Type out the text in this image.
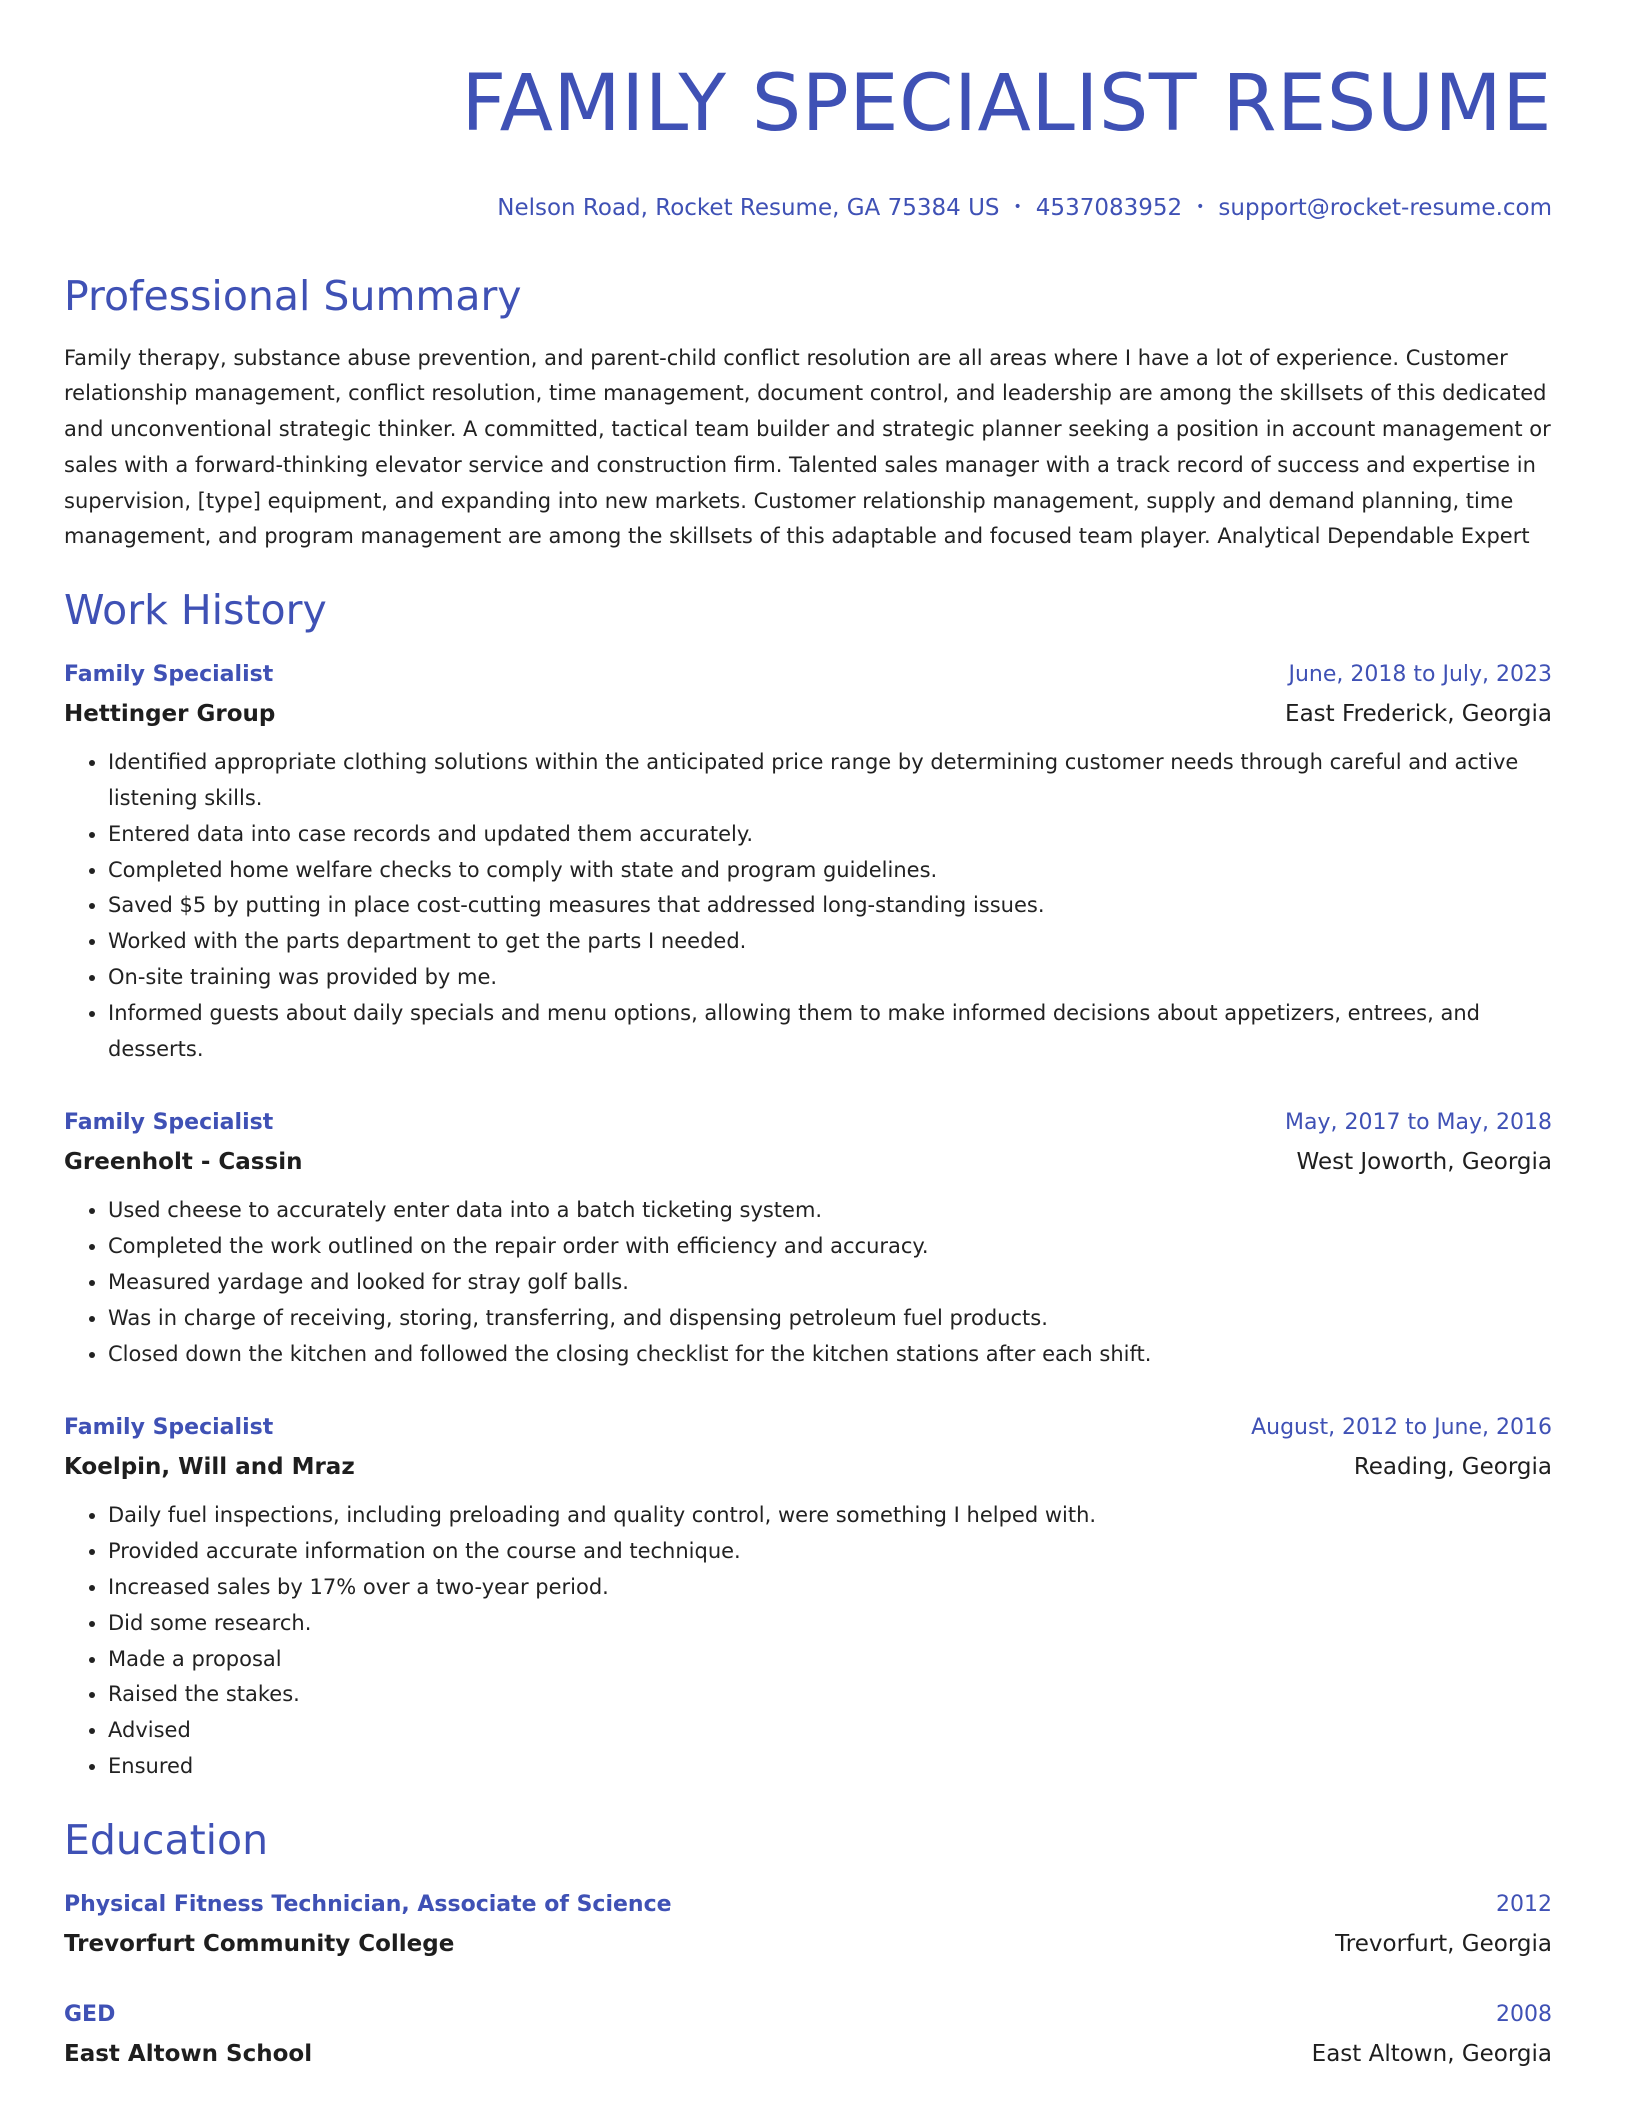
FAMILY SPECIALIST RESUME
Nelson Road, Rocket Resume, GA 75384 US • 4537083952 • support@rocket-resume.com
Professional Summary
Family therapy, substance abuse prevention, and parent-child conflict resolution are all areas where I have a lot of experience. Customer relationship management, conflict resolution, time management, document control, and leadership are among the skillsets of this dedicated and unconventional strategic thinker. A committed, tactical team builder and strategic planner seeking a position in account management or sales with a forward-thinking elevator service and construction firm. Talented sales manager with a track record of success and expertise in supervision, [type] equipment, and expanding into new markets. Customer relationship management, supply and demand planning, time management, and program management are among the skillsets of this adaptable and focused team player. Analytical Dependable Expert
Work History
Family Specialist	June, 2018 to July, 2023
Hettinger Group	East Frederick, Georgia
• Identified appropriate clothing solutions within the anticipated price range by determining customer needs through careful and active listening skills.
• Entered data into case records and updated them accurately.
• Completed home welfare checks to comply with state and program guidelines.
• Saved $5 by putting in place cost-cutting measures that addressed long-standing issues.
• Worked with the parts department to get the parts I needed.
• On-site training was provided by me.
• Informed guests about daily specials and menu options, allowing them to make informed decisions about appetizers, entrees, and desserts.
Family Specialist	May, 2017 to May, 2018
Greenholt - Cassin	West Joworth, Georgia
• Used cheese to accurately enter data into a batch ticketing system.
• Completed the work outlined on the repair order with efficiency and accuracy.
• Measured yardage and looked for stray golf balls.
• Was in charge of receiving, storing, transferring, and dispensing petroleum fuel products.
• Closed down the kitchen and followed the closing checklist for the kitchen stations after each shift.
Family Specialist	August, 2012 to June, 2016
Koelpin, Will and Mraz	Reading, Georgia
• Daily fuel inspections, including preloading and quality control, were something I helped with.
• Provided accurate information on the course and technique.
• Increased sales by 17% over a two-year period.
• Did some research.
• Made a proposal
• Raised the stakes.
• Advised
• Ensured
Education
Physical Fitness Technician, Associate of Science	2012
Trevorfurt Community College	Trevorfurt, Georgia
GED	2008
East Altown School	East Altown, Georgia
